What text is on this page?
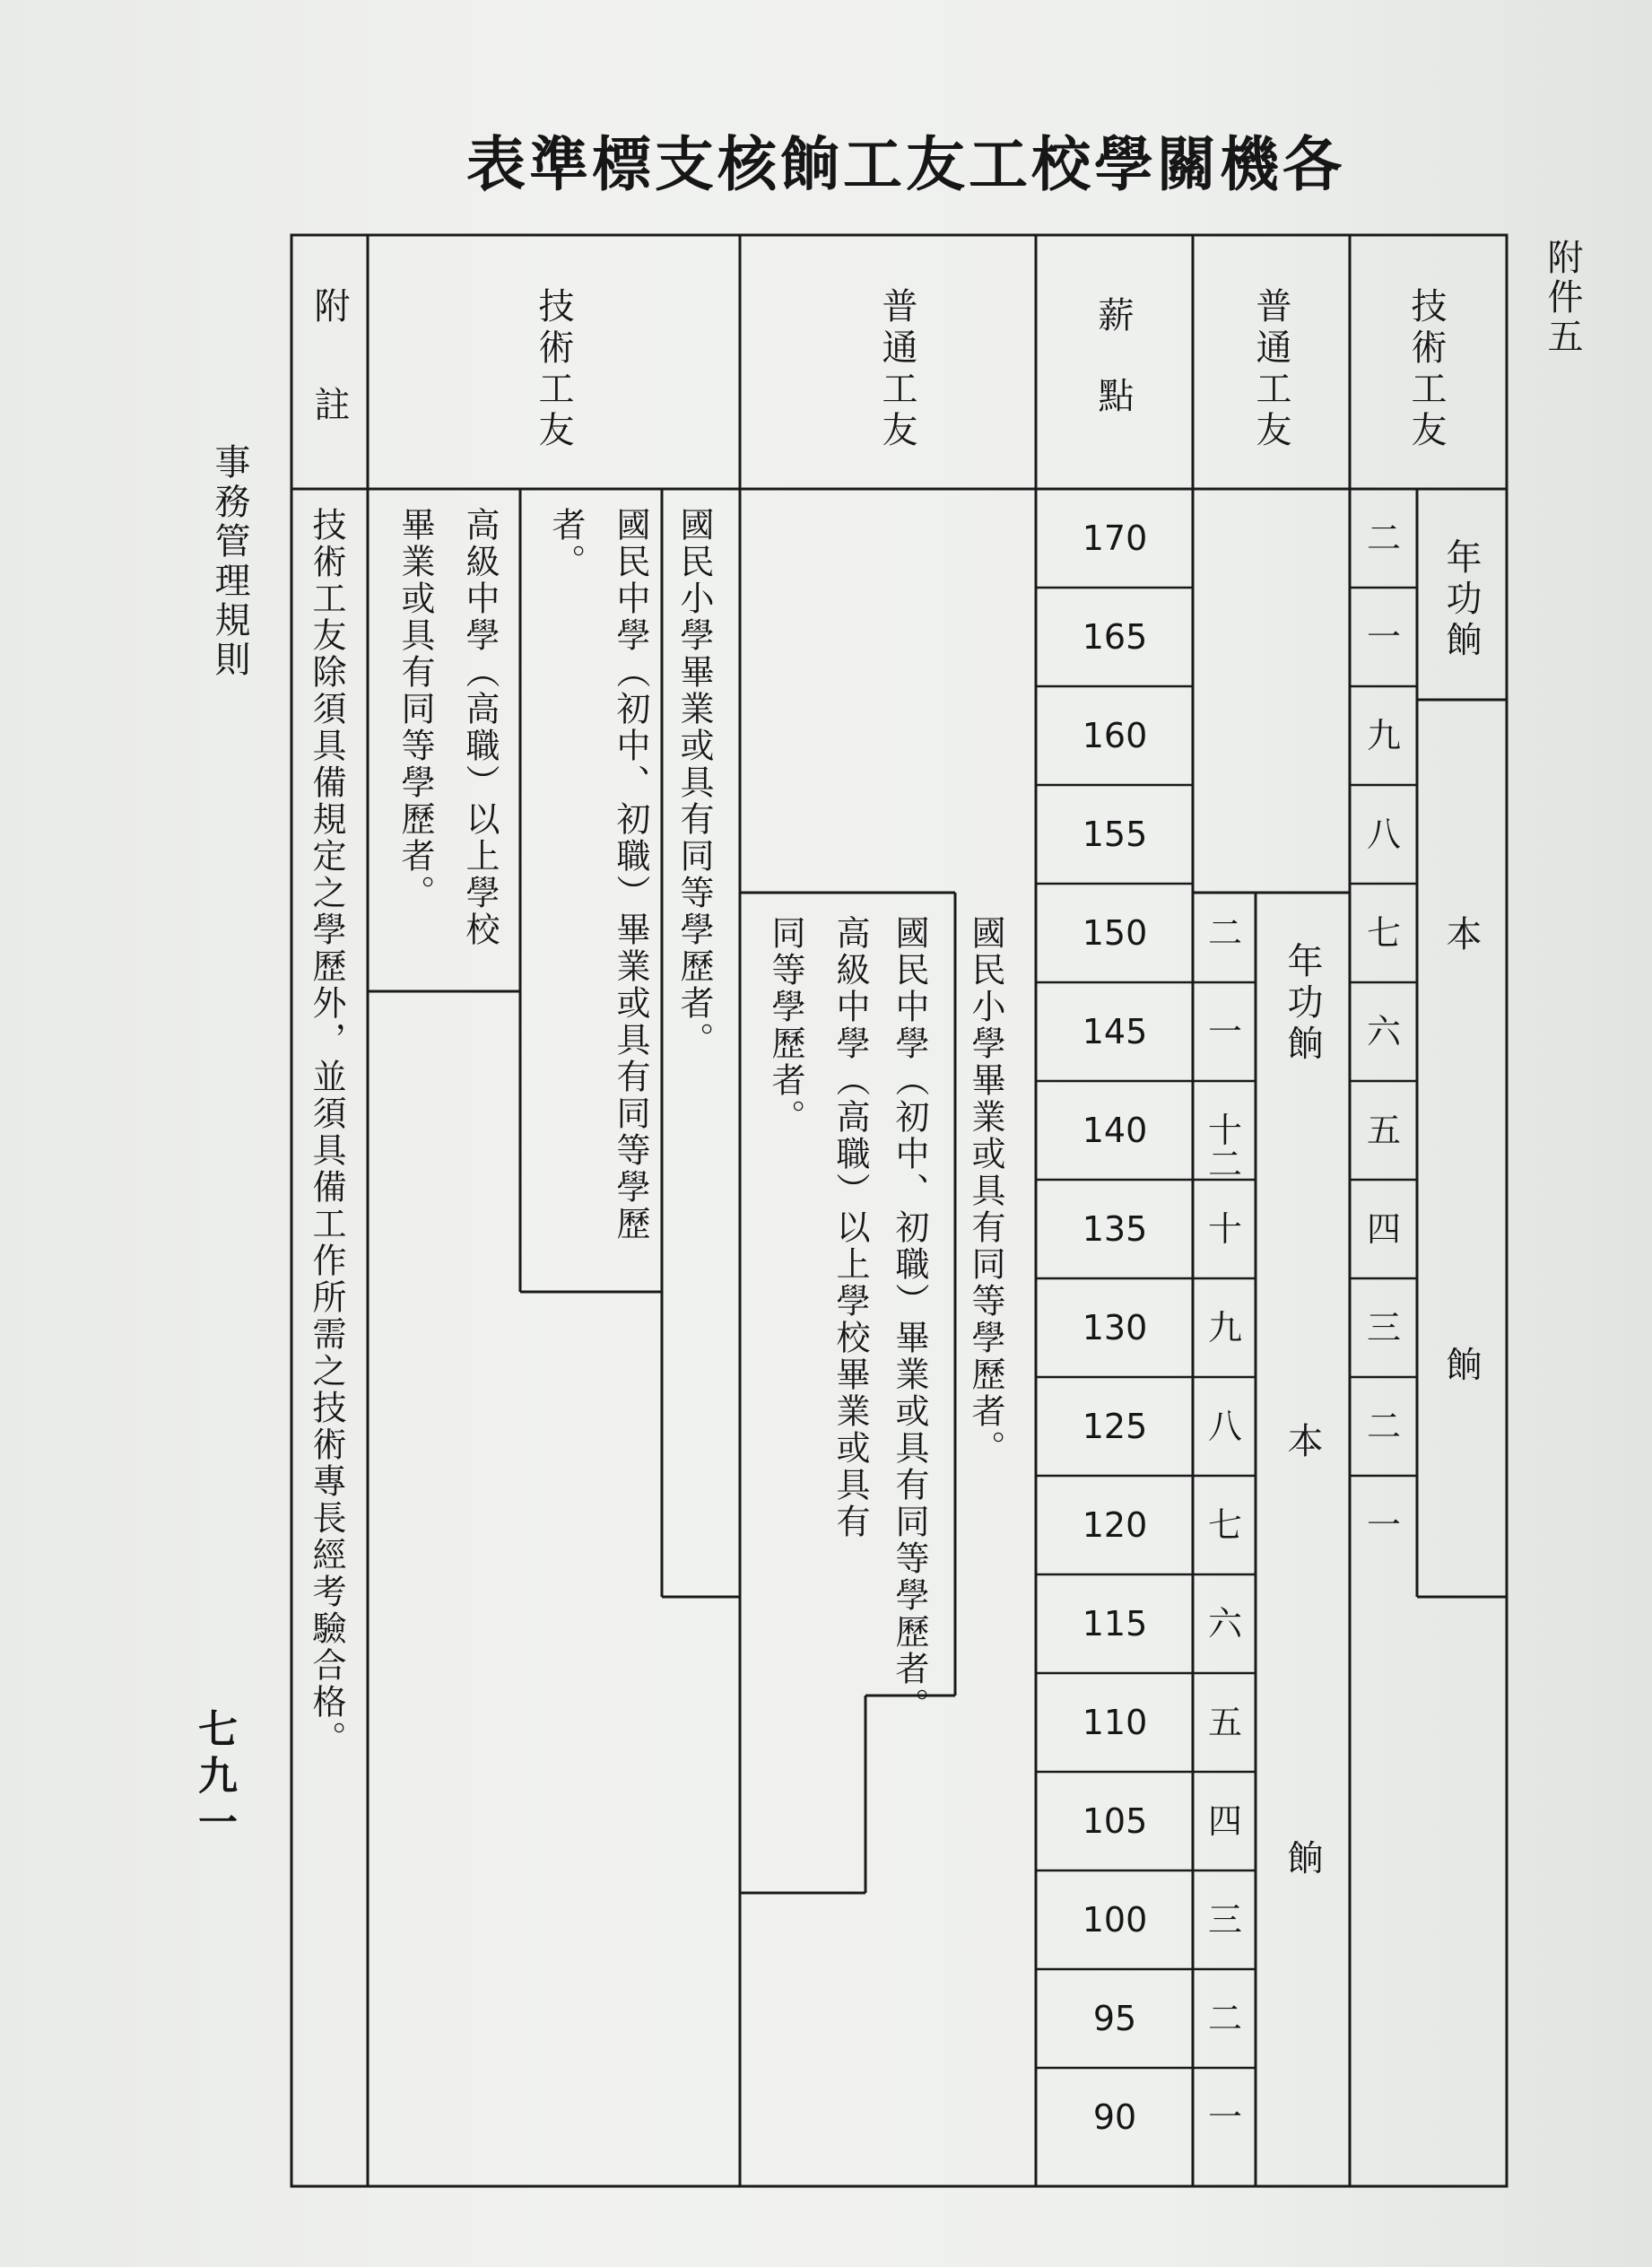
表準標支核餉工友工校學關機各
附件五
事務管理規則
七九一
技術工友
普通工友
薪點
普通工友
技術工友
附註
年功餉
本
餉
年功餉
本
餉
170
165
160
155
150
145
140
135
130
125
120
115
110
105
100
95
90
二
一
九
八
七
六
五
四
三
二
一
二
一
十二
十
九
八
七
六
五
四
三
二
一
國民小學畢業或具有同等學歷者。
國民中學（初中、初職）畢業或具有同等學歷者。
高級中學（高職）以上學校畢業或具有同等學歷者。
國民小學畢業或具有同等學歷者。
國民中學（初中、初職）畢業或具有同等學歷者。
高級中學（高職）以上學校畢業或具有同等學歷者。
技術工友除須具備規定之學歷外，並須具備工作所需之技術專長經考驗合格。
